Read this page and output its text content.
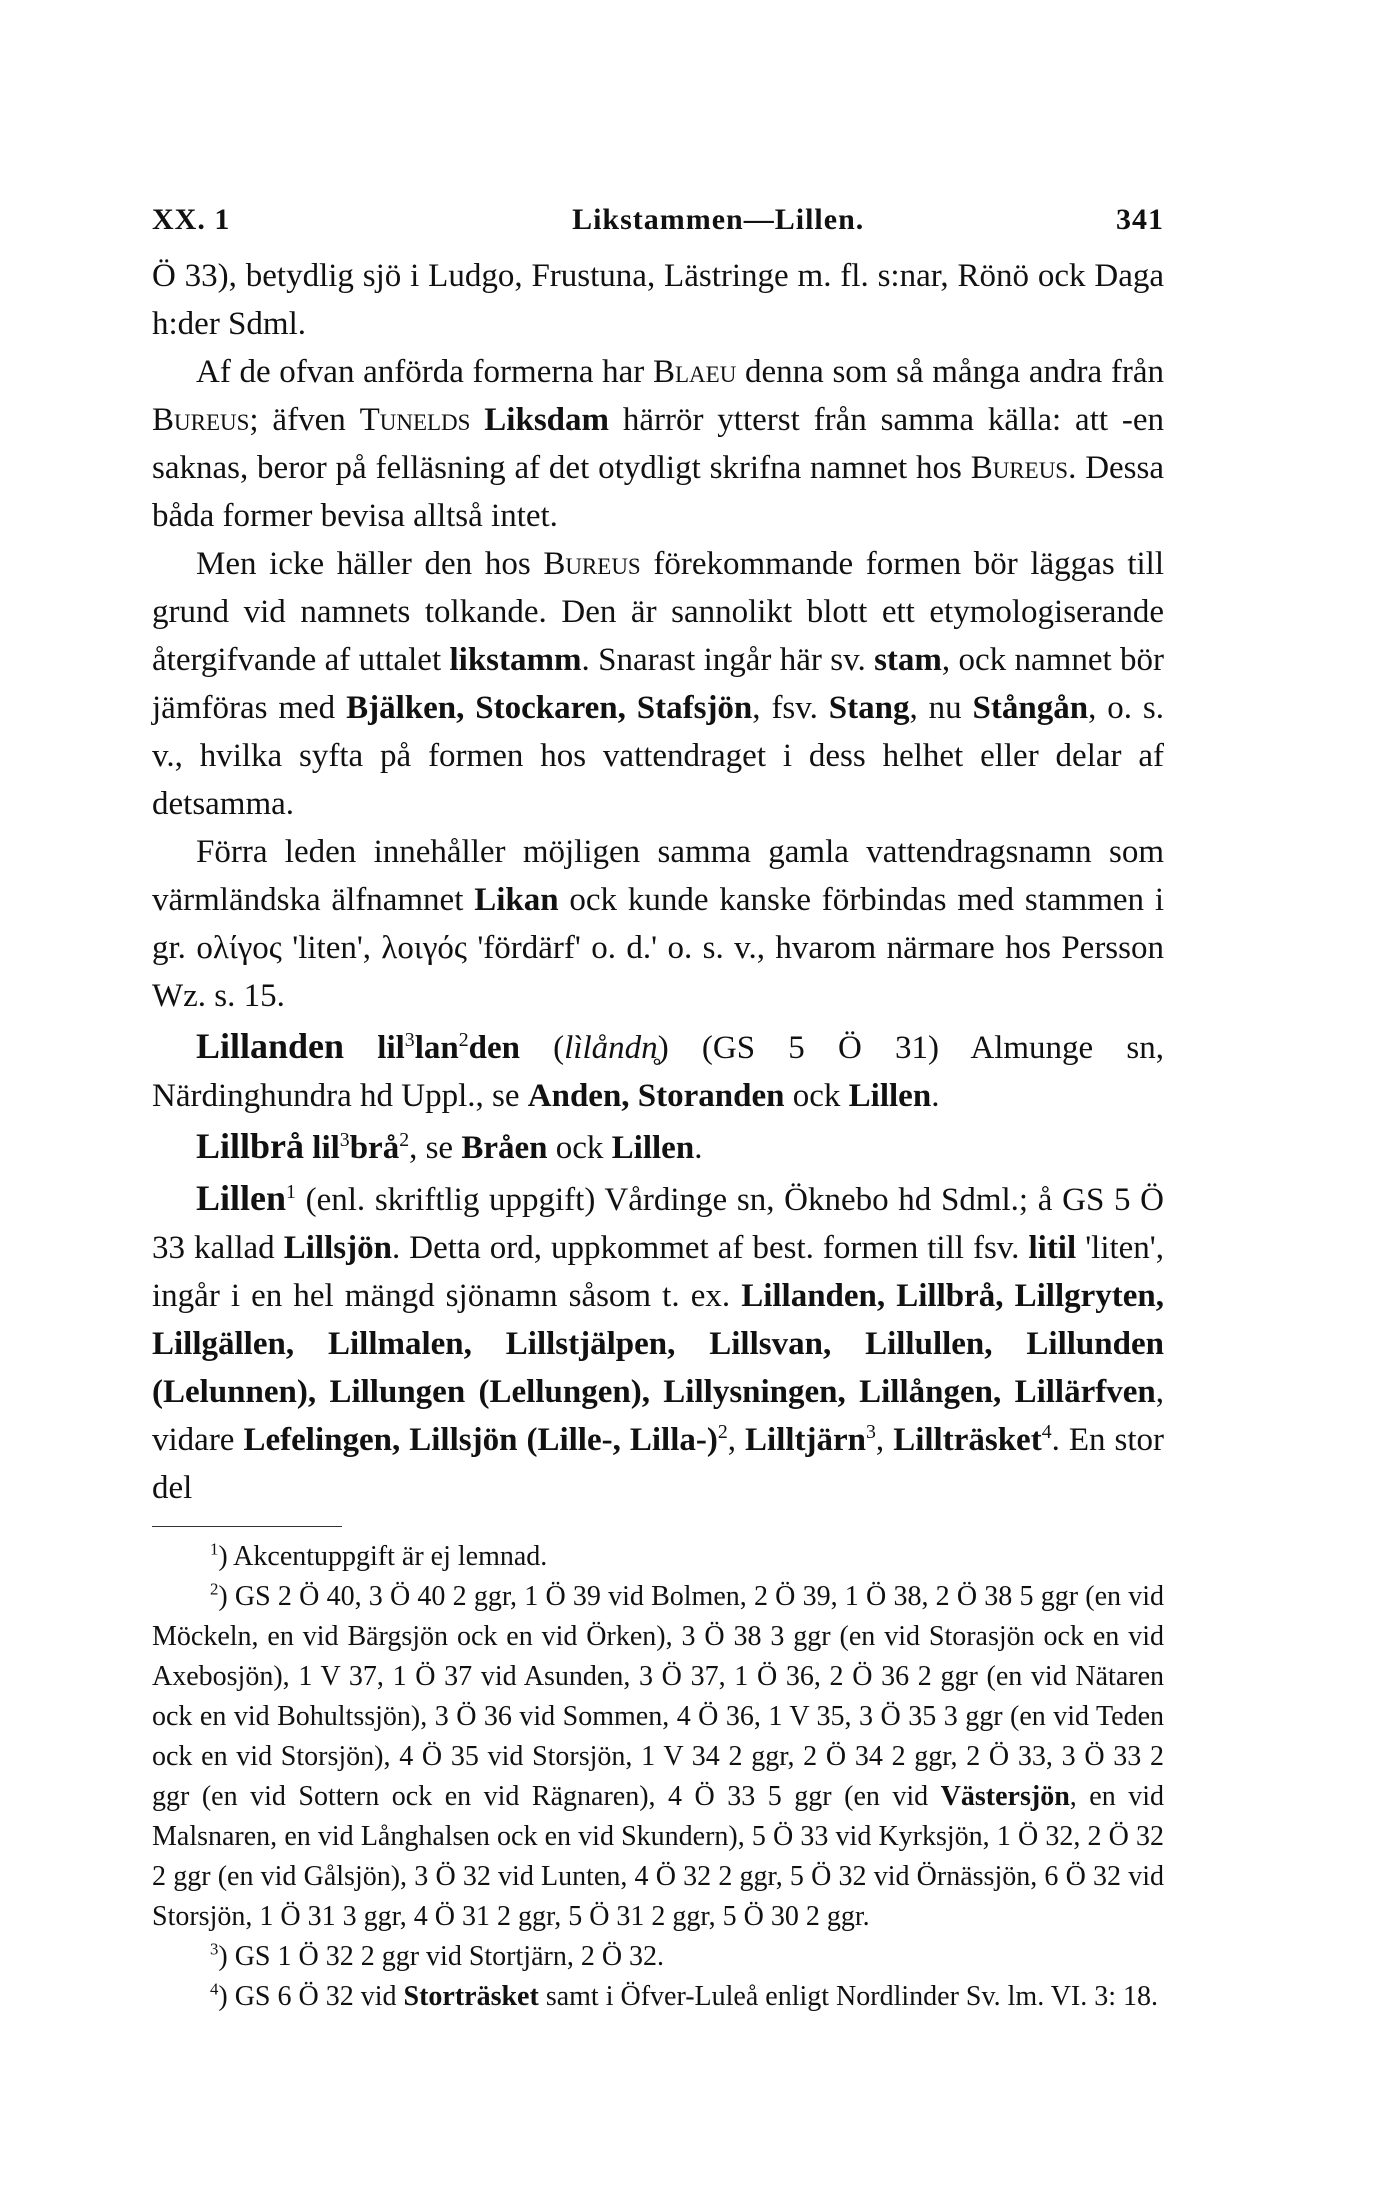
XX. 1	Likstammen—Lillen.	341

Ö 33), betydlig sjö i Ludgo, Frustuna, Lästringe m. fl. s:nar, Rönö ock Daga h:der Sdml.

Af de ofvan anförda formerna har Blaeu denna som så många andra från Bureus; äfven Tunelds Liksdam härrör ytterst från samma källa: att -en saknas, beror på felläsning af det otydligt skrifna namnet hos Bureus. Dessa båda former bevisa alltså intet.

Men icke häller den hos Bureus förekommande formen bör läggas till grund vid namnets tolkande. Den är sannolikt blott ett etymologiserande återgifvande af uttalet likstamm. Snarast ingår här sv. stam, ock namnet bör jämföras med Bjälken, Stockaren, Stafsjön, fsv. Stang, nu Stångån, o. s. v., hvilka syfta på formen hos vattendraget i dess helhet eller delar af detsamma.

Förra leden innehåller möjligen samma gamla vattendragsnamn som värmländska älfnamnet Likan ock kunde kanske förbindas med stammen i gr. ολίγος 'liten', λοιγός 'fördärf' o. d.' o. s. v., hvarom närmare hos Persson Wz. s. 15.

Lillanden lil$^3$lan$^2$den (lìlåndn̥) (GS 5 Ö 31) Almunge sn, Närdinghundra hd Uppl., se Anden, Storanden ock Lillen.

Lillbrå lil$^3$brå$^2$, se Bråen ock Lillen.

Lillen$^1$ (enl. skriftlig uppgift) Vårdinge sn, Öknebo hd Sdml.; å GS 5 Ö 33 kallad Lillsjön. Detta ord, uppkommet af best. formen till fsv. litil 'liten', ingår i en hel mängd sjönamn såsom t. ex. Lillanden, Lillbrå, Lillgryten, Lillgällen, Lillmalen, Lillstjälpen, Lillsvan, Lillullen, Lillunden (Lelunnen), Lillungen (Lellungen), Lillysningen, Lillången, Lillärfven, vidare Lefelingen, Lillsjön (Lille-, Lilla-)$^2$, Lilltjärn$^3$, Lillträsket$^4$. En stor del

$^1$) Akcentuppgift är ej lemnad.

$^2$) GS 2 Ö 40, 3 Ö 40 2 ggr, 1 Ö 39 vid Bolmen, 2 Ö 39, 1 Ö 38, 2 Ö 38 5 ggr (en vid Möckeln, en vid Bärgsjön ock en vid Örken), 3 Ö 38 3 ggr (en vid Storasjön ock en vid Axebosjön), 1 V 37, 1 Ö 37 vid Asunden, 3 Ö 37, 1 Ö 36, 2 Ö 36 2 ggr (en vid Nätaren ock en vid Bohultssjön), 3 Ö 36 vid Sommen, 4 Ö 36, 1 V 35, 3 Ö 35 3 ggr (en vid Teden ock en vid Storsjön), 4 Ö 35 vid Storsjön, 1 V 34 2 ggr, 2 Ö 34 2 ggr, 2 Ö 33, 3 Ö 33 2 ggr (en vid Sottern ock en vid Rägnaren), 4 Ö 33 5 ggr (en vid Västersjön, en vid Malsnaren, en vid Långhalsen ock en vid Skundern), 5 Ö 33 vid Kyrksjön, 1 Ö 32, 2 Ö 32 2 ggr (en vid Gålsjön), 3 Ö 32 vid Lunten, 4 Ö 32 2 ggr, 5 Ö 32 vid Örnässjön, 6 Ö 32 vid Storsjön, 1 Ö 31 3 ggr, 4 Ö 31 2 ggr, 5 Ö 31 2 ggr, 5 Ö 30 2 ggr.

$^3$) GS 1 Ö 32 2 ggr vid Stortjärn, 2 Ö 32.

$^4$) GS 6 Ö 32 vid Storträsket samt i Öfver-Luleå enligt Nordlinder Sv. lm. VI. 3: 18.
